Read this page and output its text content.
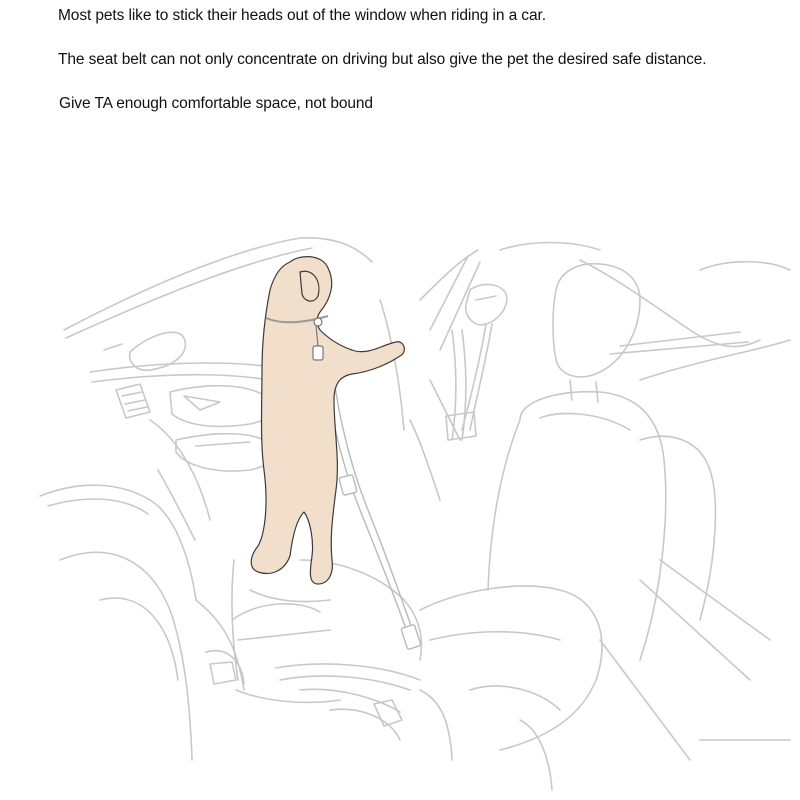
Most pets like to stick their heads out of the window when riding in a car.

The seat belt can not only concentrate on driving but also give the pet the desired safe distance.

Give TA enough comfortable space, not bound
